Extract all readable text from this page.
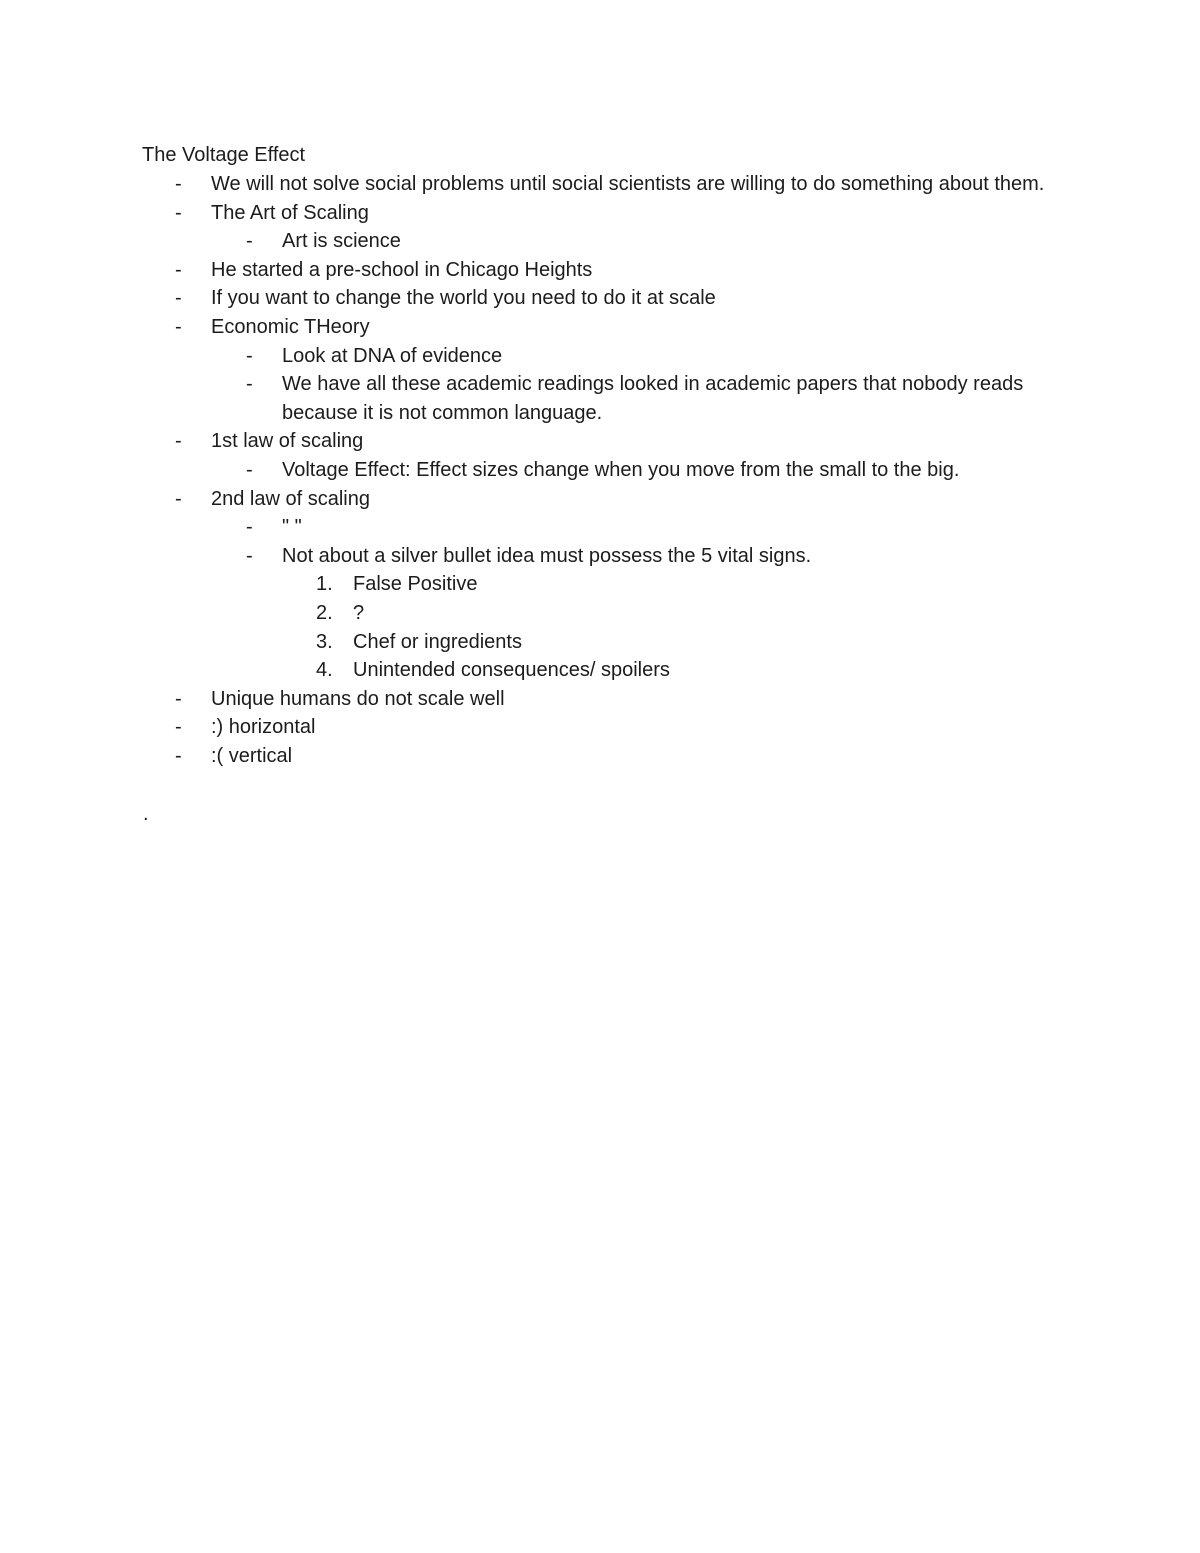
The Voltage Effect
- We will not solve social problems until social scientists are willing to do something about them.
- The Art of Scaling
- Art is science
- He started a pre-school in Chicago Heights
- If you want to change the world you need to do it at scale
- Economic THeory
- Look at DNA of evidence
- We have all these academic readings looked in academic papers that nobody reads because it is not common language.
- 1st law of scaling
- Voltage Effect: Effect sizes change when you move from the small to the big.
- 2nd law of scaling
- " "
- Not about a silver bullet idea must possess the 5 vital signs.
1. False Positive
2. ?
3. Chef or ingredients
4. Unintended consequences/ spoilers
- Unique humans do not scale well
- :) horizontal
- :( vertical
.
